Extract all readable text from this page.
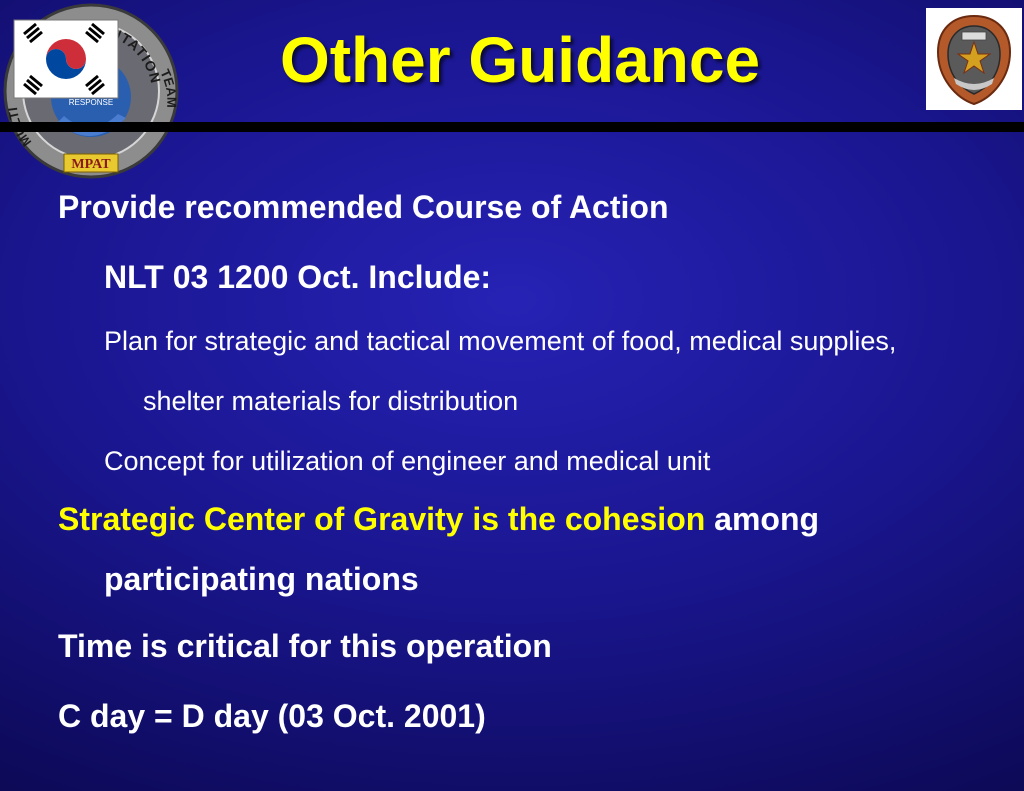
TATION
M TI
TEAM
RESPONSE
MPAT
Other Guidance
Provide recommended Course of Action
NLT 03 1200 Oct. Include:
Plan for strategic and tactical movement of food, medical supplies,
shelter materials for distribution
Concept for utilization of engineer and medical unit
Strategic Center of Gravity is the cohesion among
participating nations
Time is critical for this operation
C day = D day (03 Oct. 2001)
